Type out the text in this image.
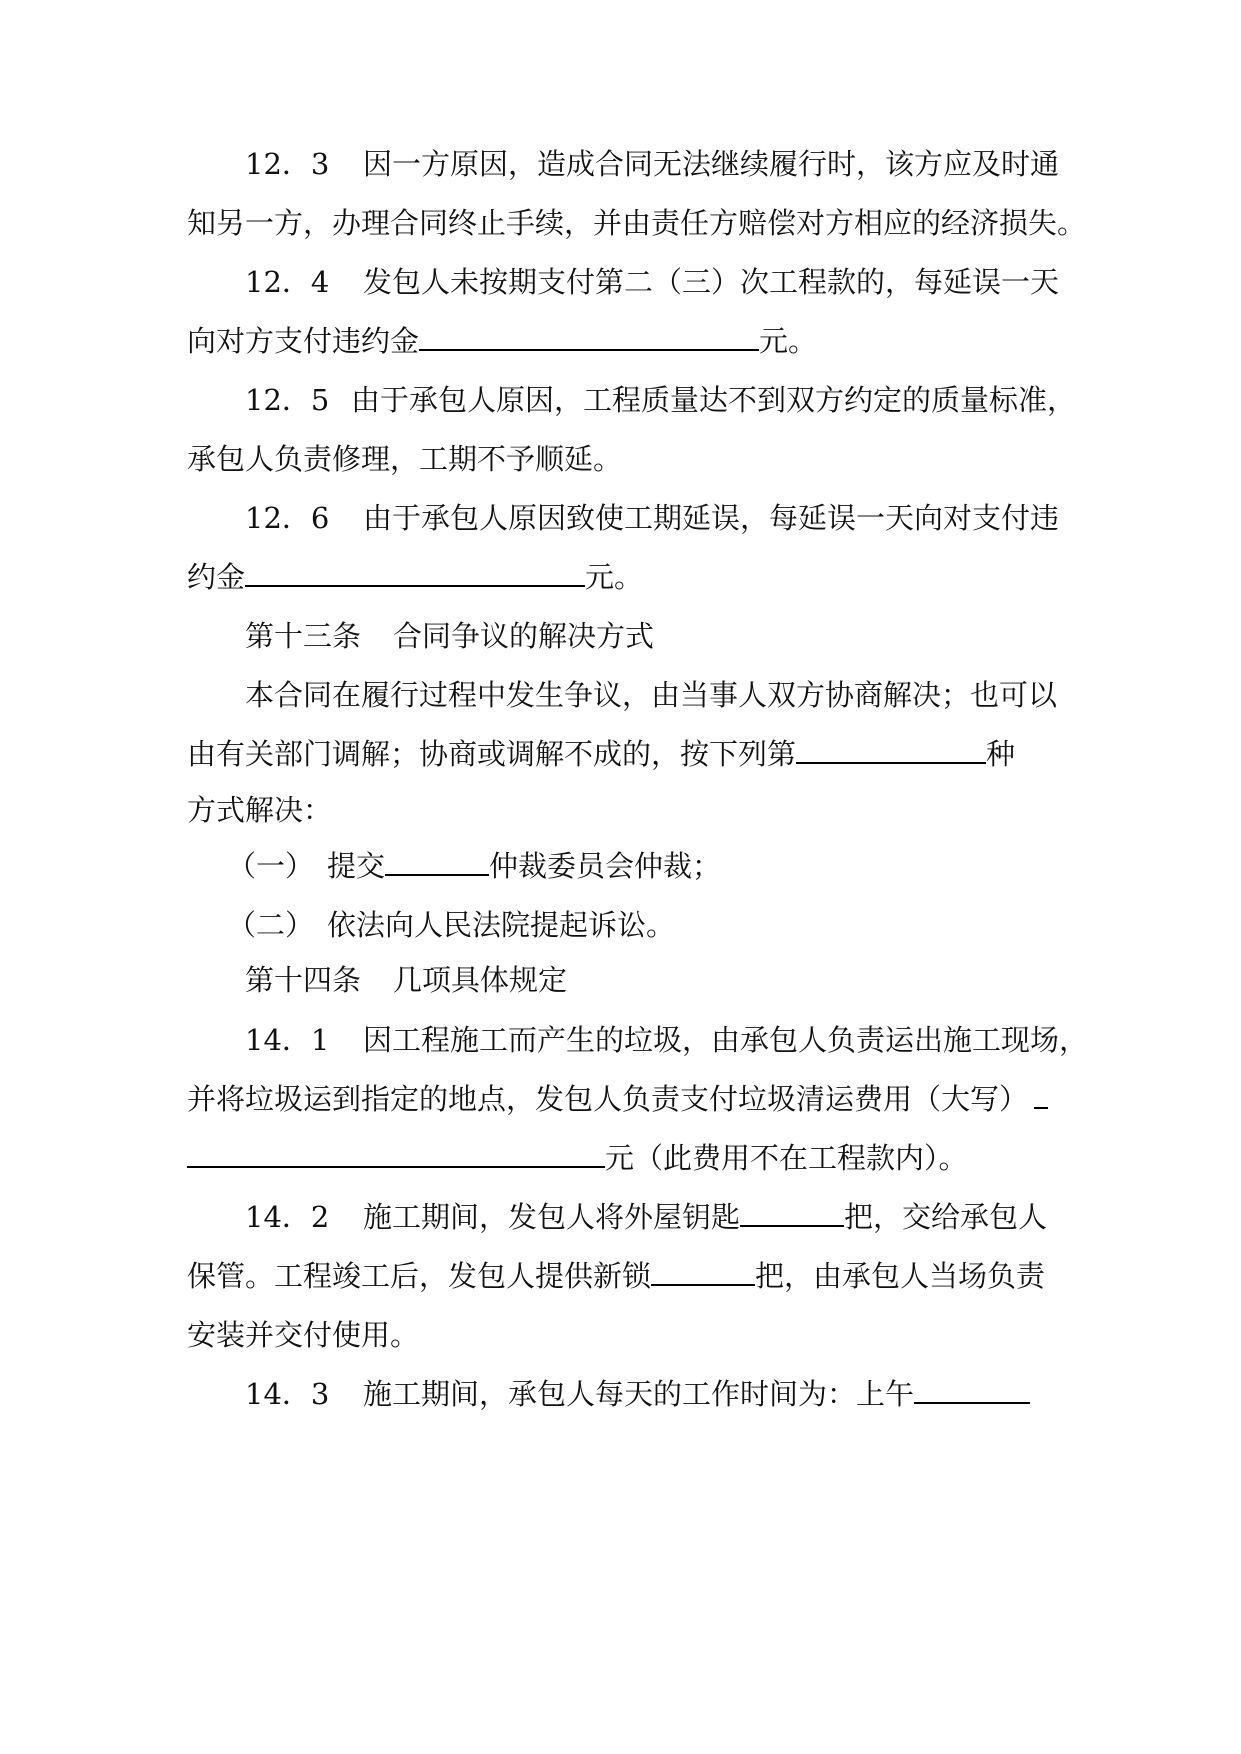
12．3 因一方原因，造成合同无法继续履行时，该方应及时通
知另一方，办理合同终止手续，并由责任方赔偿对方相应的经济损失。
12．4 发包人未按期支付第二（三）次工程款的，每延误一天
向对方支付违约金	元。
12．5 由于承包人原因，工程质量达不到双方约定的质量标准，
承包人负责修理，工期不予顺延。
12．6 由于承包人原因致使工期延误，每延误一天向对支付违
约金	元。
第十三条 合同争议的解决方式
本合同在履行过程中发生争议，由当事人双方协商解决；也可以
由有关部门调解；协商或调解不成的，按下列第	种
方式解决：
（一） 提交	仲裁委员会仲裁；
（二） 依法向人民法院提起诉讼。
第十四条 几项具体规定
14．1 因工程施工而产生的垃圾，由承包人负责运出施工现场，
并将垃圾运到指定的地点，发包人负责支付垃圾清运费用（大写）
元（此费用不在工程款内）。
14．2 施工期间，发包人将外屋钥匙	把，交给承包人
保管。工程竣工后，发包人提供新锁	把，由承包人当场负责
安装并交付使用。
14．3 施工期间，承包人每天的工作时间为：上午
